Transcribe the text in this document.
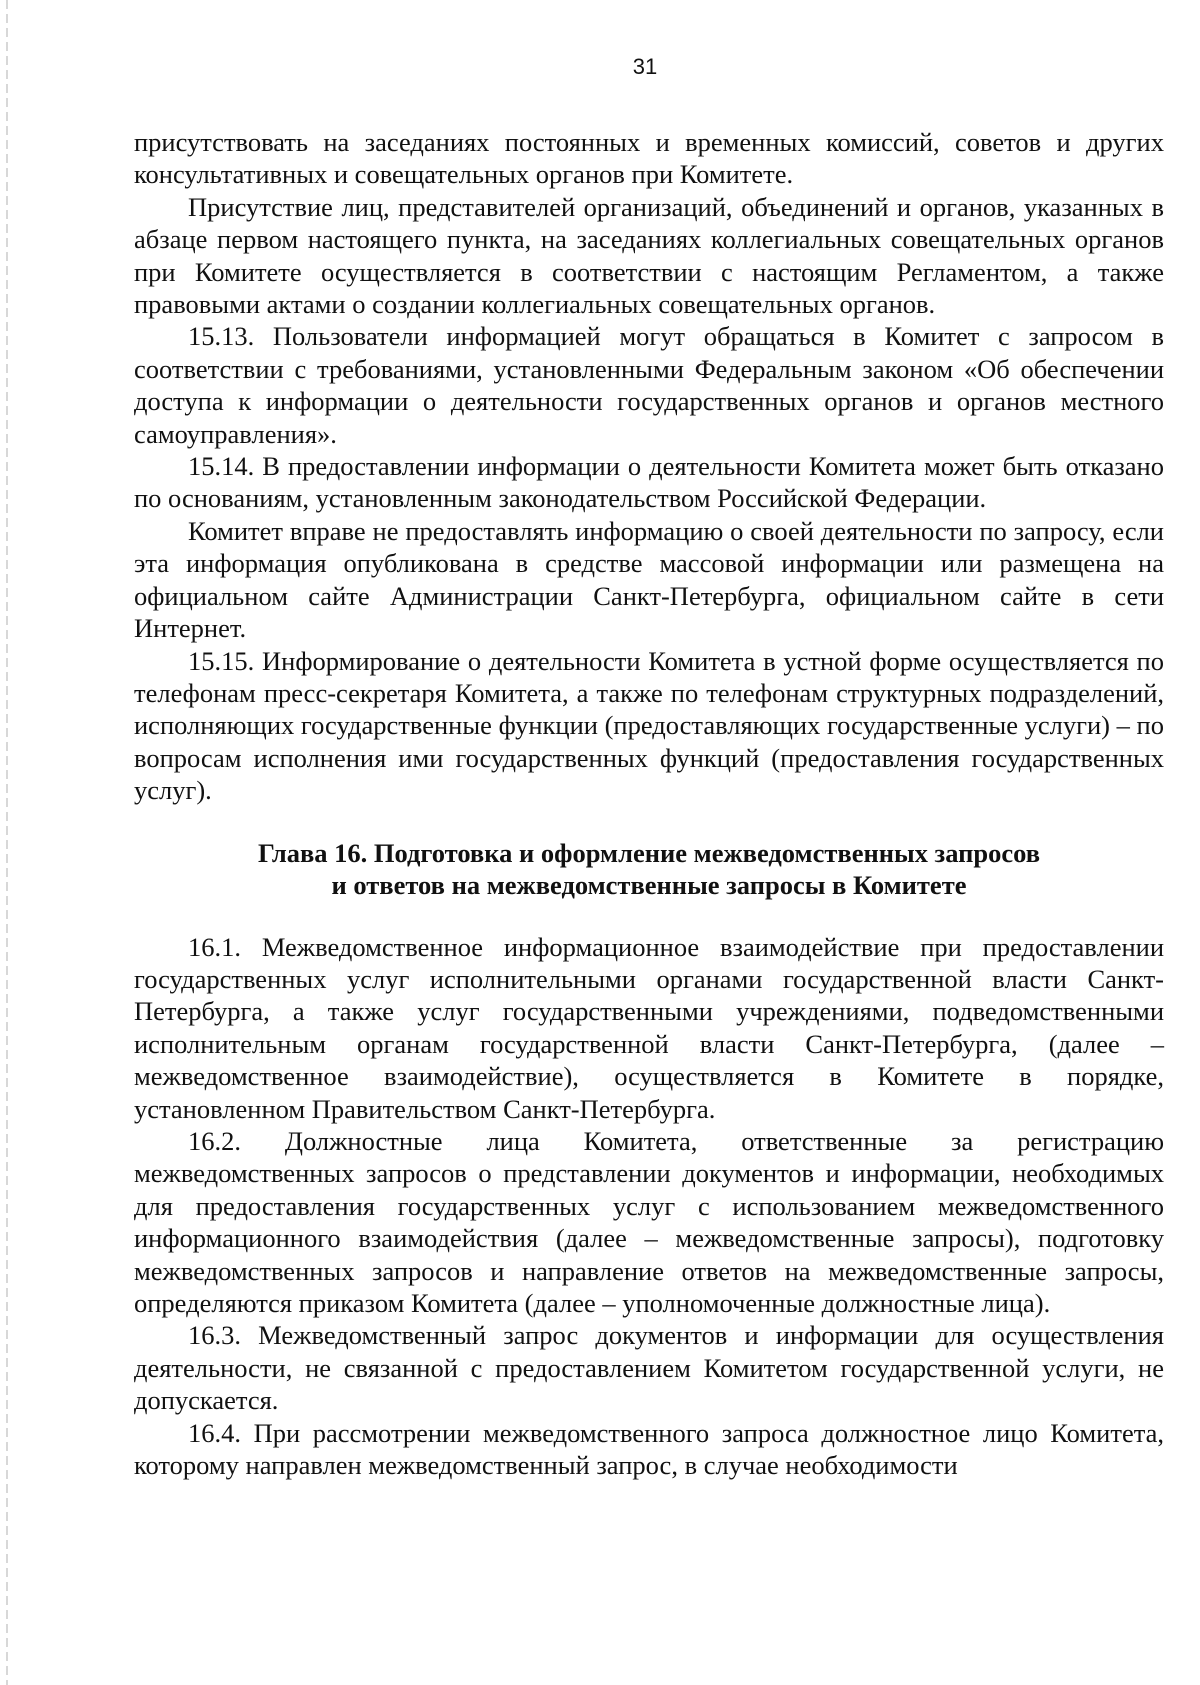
31

присутствовать на заседаниях постоянных и временных комиссий, советов и других консультативных и совещательных органов при Комитете.

Присутствие лиц, представителей организаций, объединений и органов, указанных в абзаце первом настоящего пункта, на заседаниях коллегиальных совещательных органов при Комитете осуществляется в соответствии с настоящим Регламентом, а также правовыми актами о создании коллегиальных совещательных органов.

15.13. Пользователи информацией могут обращаться в Комитет с запросом в соответствии с требованиями, установленными Федеральным законом «Об обеспечении доступа к информации о деятельности государственных органов и органов местного самоуправления».

15.14. В предоставлении информации о деятельности Комитета может быть отказано по основаниям, установленным законодательством Российской Федерации.

Комитет вправе не предоставлять информацию о своей деятельности по запросу, если эта информация опубликована в средстве массовой информации или размещена на официальном сайте Администрации Санкт-Петербурга, официальном сайте в сети Интернет.

15.15. Информирование о деятельности Комитета в устной форме осуществляется по телефонам пресс-секретаря Комитета, а также по телефонам структурных подразделений, исполняющих государственные функции (предоставляющих государственные услуги) – по вопросам исполнения ими государственных функций (предоставления государственных услуг).

Глава 16. Подготовка и оформление межведомственных запросов
и ответов на межведомственные запросы в Комитете

16.1. Межведомственное информационное взаимодействие при предоставлении государственных услуг исполнительными органами государственной власти Санкт-Петербурга, а также услуг государственными учреждениями, подведомственными исполнительным органам государственной власти Санкт-Петербурга, (далее – межведомственное взаимодействие), осуществляется в Комитете в порядке, установленном Правительством Санкт-Петербурга.

16.2. Должностные лица Комитета, ответственные за регистрацию межведомственных запросов о представлении документов и информации, необходимых для предоставления государственных услуг с использованием межведомственного информационного взаимодействия (далее – межведомственные запросы), подготовку межведомственных запросов и направление ответов на межведомственные запросы, определяются приказом Комитета (далее – уполномоченные должностные лица).

16.3. Межведомственный запрос документов и информации для осуществления деятельности, не связанной с предоставлением Комитетом государственной услуги, не допускается.

16.4. При рассмотрении межведомственного запроса должностное лицо Комитета, которому направлен межведомственный запрос, в случае необходимости
